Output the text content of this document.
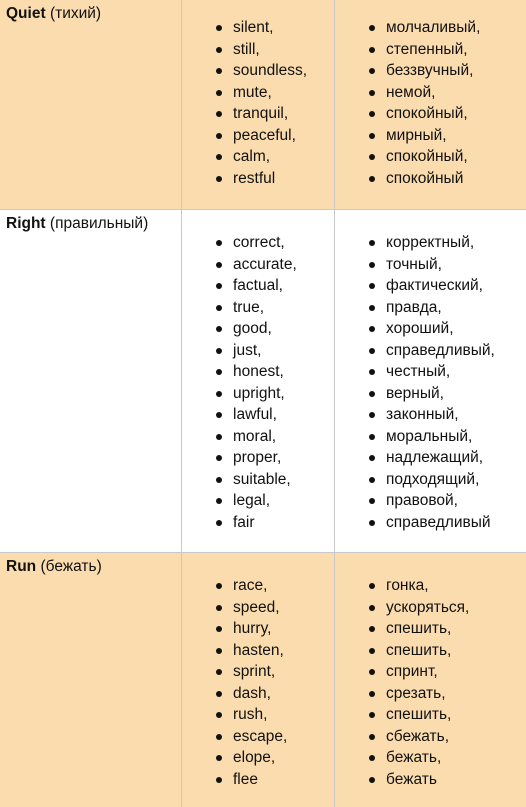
Quiet (тихий)
silent,
still,
soundless,
mute,
tranquil,
peaceful,
calm,
restful
молчаливый,
степенный,
беззвучный,
немой,
спокойный,
мирный,
спокойный,
спокойный
Right (правильный)
correct,
accurate,
factual,
true,
good,
just,
honest,
upright,
lawful,
moral,
proper,
suitable,
legal,
fair
корректный,
точный,
фактический,
правда,
хороший,
справедливый,
честный,
верный,
законный,
моральный,
надлежащий,
подходящий,
правовой,
справедливый
Run (бежать)
race,
speed,
hurry,
hasten,
sprint,
dash,
rush,
escape,
elope,
flee
гонка,
ускоряться,
спешить,
спешить,
спринт,
срезать,
спешить,
сбежать,
бежать,
бежать
